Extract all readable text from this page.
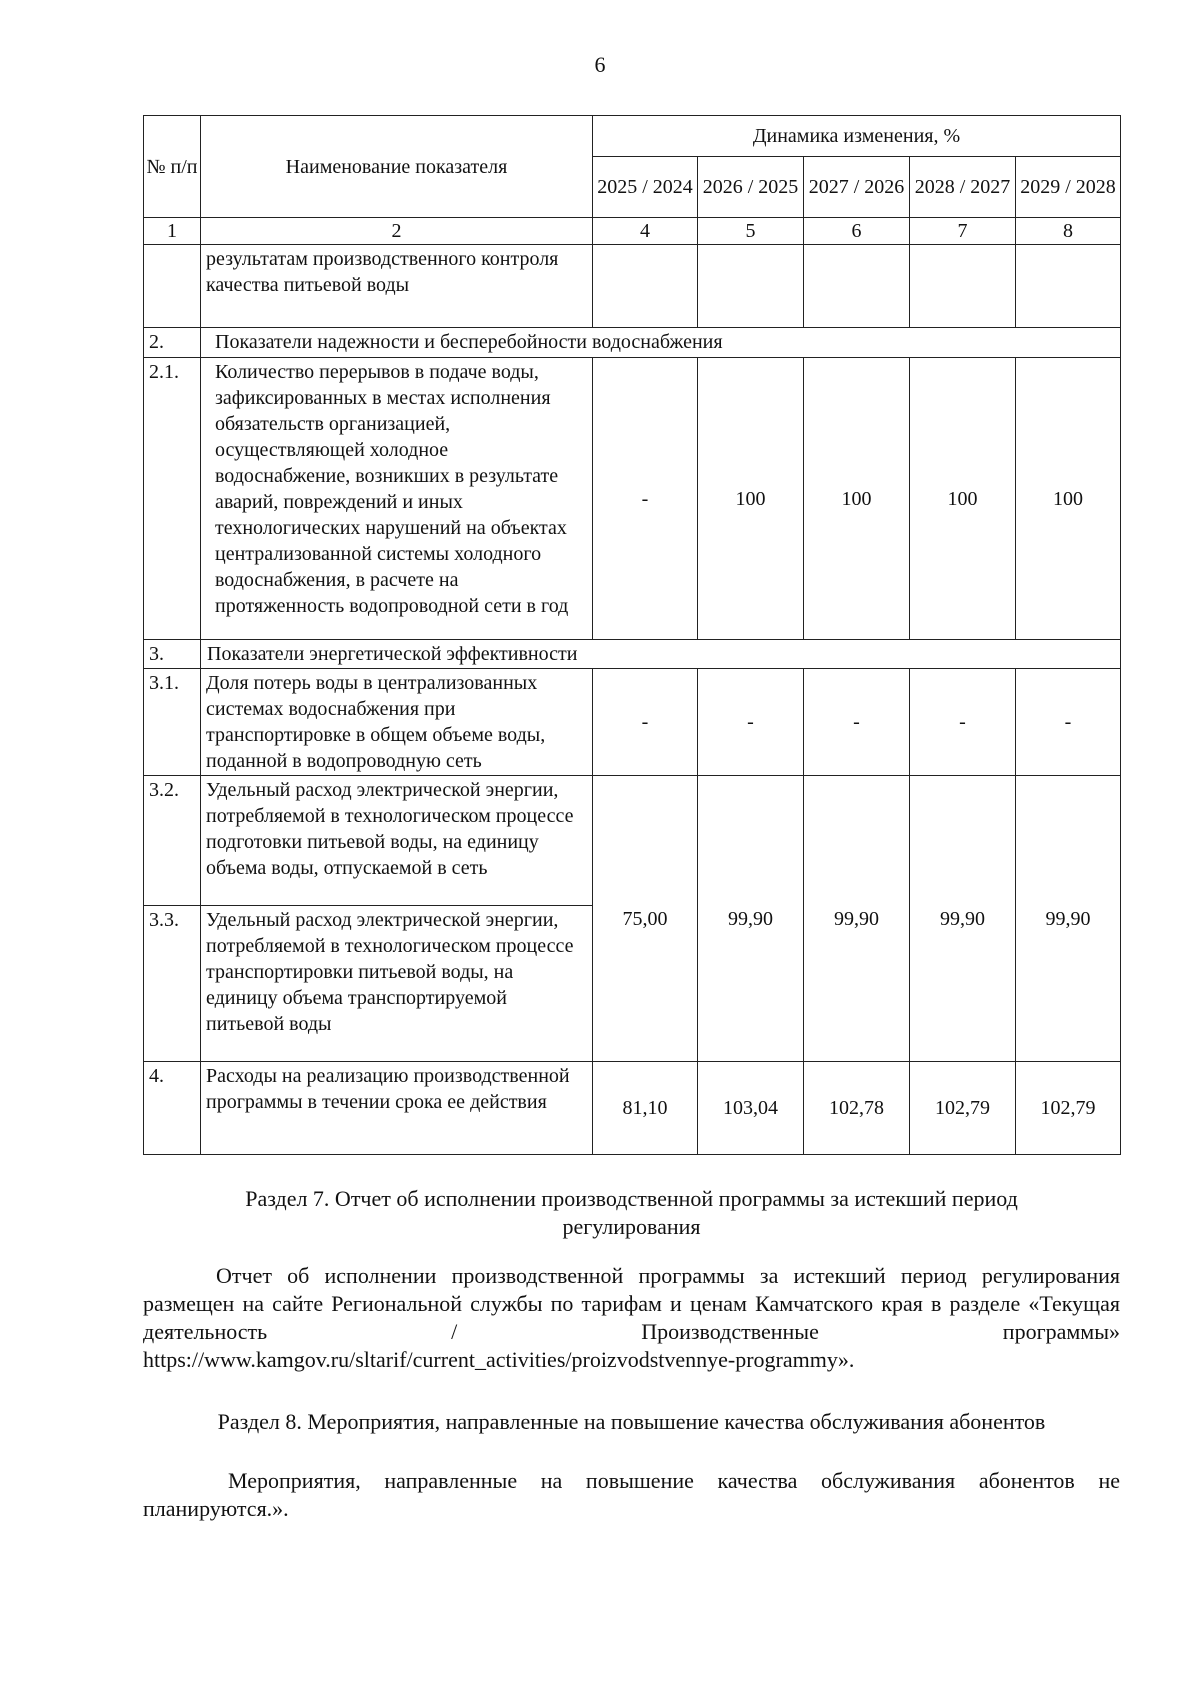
6
№ п/п	Наименование показателя	Динамика изменения, %				
		2025 / 2024	2026 / 2025	2027 / 2026	2028 / 2027	2029 / 2028
1	2	4	5	6	7	8
	результатам производственного контроля качества питьевой воды					
2.	Показатели надежности и бесперебойности водоснабжения					
2.1.	Количество перерывов в подаче воды, зафиксированных в местах исполнения обязательств организацией, осуществляющей холодное водоснабжение, возникших в результате аварий, повреждений и иных технологических нарушений на объектах централизованной системы холодного водоснабжения, в расчете на протяженность водопроводной сети в год	-	100	100	100	100
3.	Показатели энергетической эффективности					
3.1.	Доля потерь воды в централизованных системах водоснабжения при транспортировке в общем объеме воды, поданной в водопроводную сеть	-	-	-	-	-
3.2.	Удельный расход электрической энергии, потребляемой в технологическом процессе подготовки питьевой воды, на единицу объема воды, отпускаемой в сеть	75,00	99,90	99,90	99,90	99,90
3.3.	Удельный расход электрической энергии, потребляемой в технологическом процессе транспортировки питьевой воды, на единицу объема транспортируемой питьевой воды					
4.	Расходы на реализацию производственной программы в течении срока ее действия	81,10	103,04	102,78	102,79	102,79
Раздел 7. Отчет об исполнении производственной программы за истекший период регулирования
Отчет об исполнении производственной программы за истекший период регулирования размещен на сайте Региональной службы по тарифам и ценам Камчатского края в разделе «Текущая деятельность / Производственные программы» https://www.kamgov.ru/sltarif/current_activities/proizvodstvennye-programmy».
Раздел 8. Мероприятия, направленные на повышение качества обслуживания абонентов
Мероприятия, направленные на повышение качества обслуживания абонентов не планируются.».
